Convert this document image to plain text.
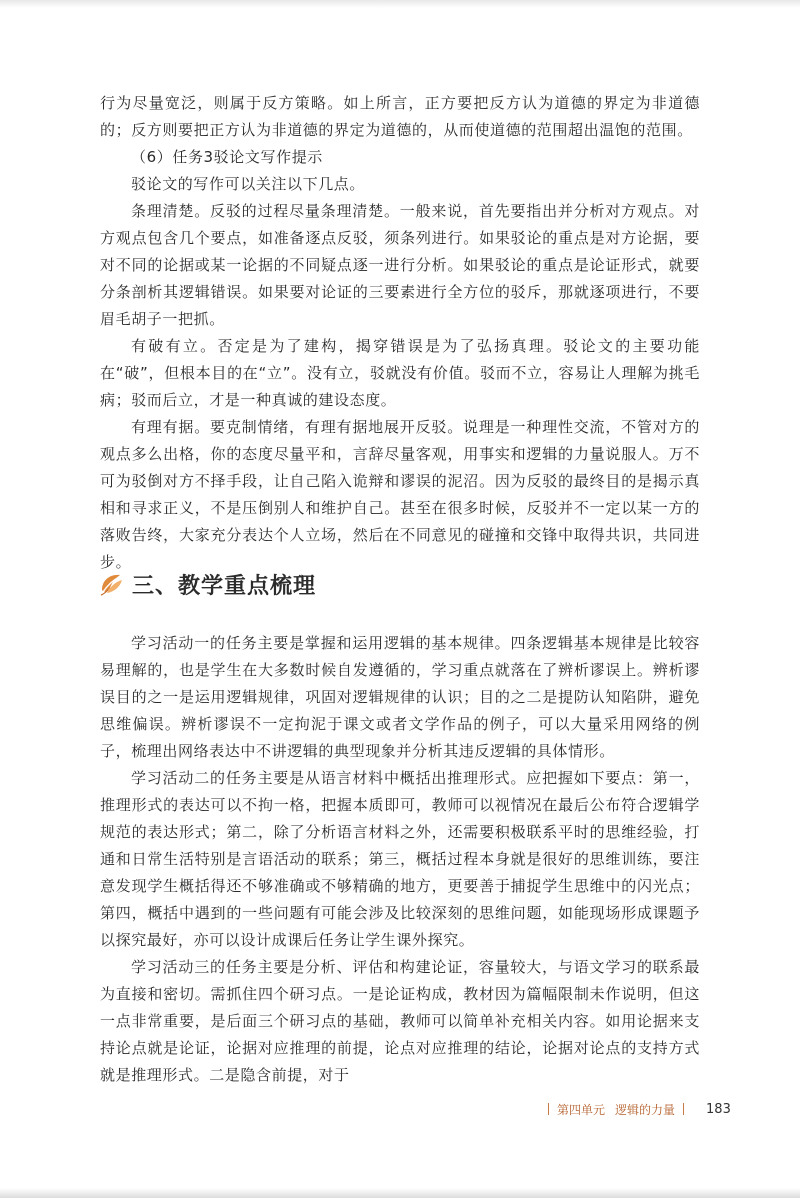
行为尽量宽泛，则属于反方策略。如上所言，正方要把反方认为道德的界定为非道德的；反方则要把正方认为非道德的界定为道德的，从而使道德的范围超出温饱的范围。

（6）任务3驳论文写作提示

驳论文的写作可以关注以下几点。

条理清楚。反驳的过程尽量条理清楚。一般来说，首先要指出并分析对方观点。对方观点包含几个要点，如准备逐点反驳，须条列进行。如果驳论的重点是对方论据，要对不同的论据或某一论据的不同疑点逐一进行分析。如果驳论的重点是论证形式，就要分条剖析其逻辑错误。如果要对论证的三要素进行全方位的驳斥，那就逐项进行，不要眉毛胡子一把抓。

有破有立。否定是为了建构，揭穿错误是为了弘扬真理。驳论文的主要功能在“破”，但根本目的在“立”。没有立，驳就没有价值。驳而不立，容易让人理解为挑毛病；驳而后立，才是一种真诚的建设态度。

有理有据。要克制情绪，有理有据地展开反驳。说理是一种理性交流，不管对方的观点多么出格，你的态度尽量平和，言辞尽量客观，用事实和逻辑的力量说服人。万不可为驳倒对方不择手段，让自己陷入诡辩和谬误的泥沼。因为反驳的最终目的是揭示真相和寻求正义，不是压倒别人和维护自己。甚至在很多时候，反驳并不一定以某一方的落败告终，大家充分表达个人立场，然后在不同意见的碰撞和交锋中取得共识，共同进步。

三、教学重点梳理

学习活动一的任务主要是掌握和运用逻辑的基本规律。四条逻辑基本规律是比较容易理解的，也是学生在大多数时候自发遵循的，学习重点就落在了辨析谬误上。辨析谬误目的之一是运用逻辑规律，巩固对逻辑规律的认识；目的之二是提防认知陷阱，避免思维偏误。辨析谬误不一定拘泥于课文或者文学作品的例子，可以大量采用网络的例子，梳理出网络表达中不讲逻辑的典型现象并分析其违反逻辑的具体情形。

学习活动二的任务主要是从语言材料中概括出推理形式。应把握如下要点：第一，推理形式的表达可以不拘一格，把握本质即可，教师可以视情况在最后公布符合逻辑学规范的表达形式；第二，除了分析语言材料之外，还需要积极联系平时的思维经验，打通和日常生活特别是言语活动的联系；第三，概括过程本身就是很好的思维训练，要注意发现学生概括得还不够准确或不够精确的地方，更要善于捕捉学生思维中的闪光点；第四，概括中遇到的一些问题有可能会涉及比较深刻的思维问题，如能现场形成课题予以探究最好，亦可以设计成课后任务让学生课外探究。

学习活动三的任务主要是分析、评估和构建论证，容量较大，与语文学习的联系最为直接和密切。需抓住四个研习点。一是论证构成，教材因为篇幅限制未作说明，但这一点非常重要，是后面三个研习点的基础，教师可以简单补充相关内容。如用论据来支持论点就是论证，论据对应推理的前提，论点对应推理的结论，论据对论点的支持方式就是推理形式。二是隐含前提，对于

第四单元 逻辑的力量 183
